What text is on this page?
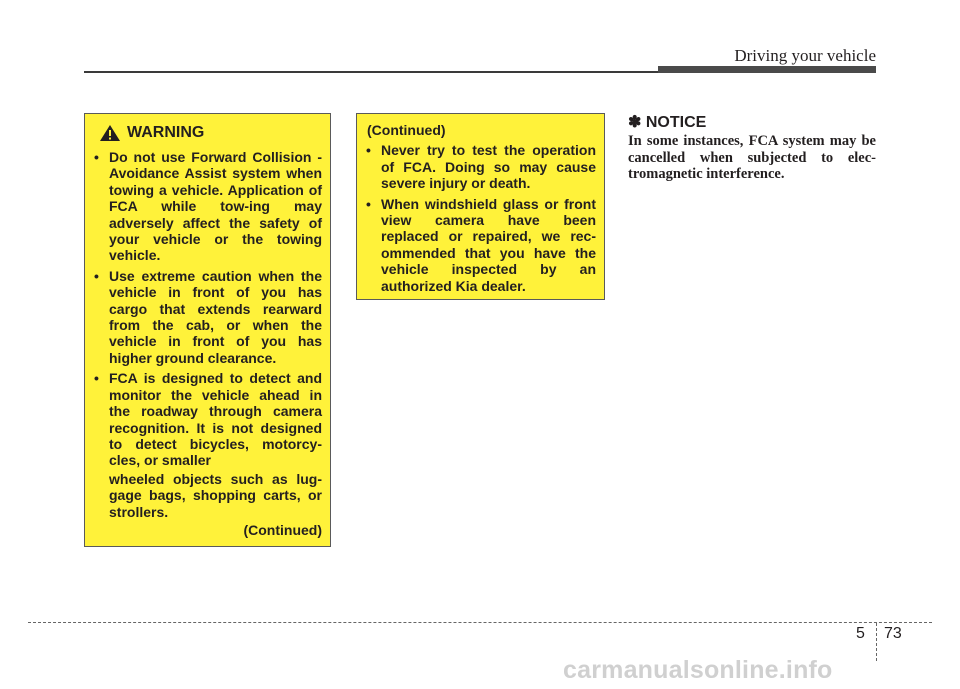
Driving your vehicle
WARNING
• Do not use Forward Collision - Avoidance Assist system when towing a vehicle. Application of FCA while tow-ing may adversely affect the safety of your vehicle or the towing vehicle.
• Use extreme caution when the vehicle in front of you has cargo that extends rearward from the cab, or when the vehicle in front of you has higher ground clearance.
• FCA is designed to detect and monitor the vehicle ahead in the roadway through camera recognition. It is not designed to detect bicycles, motorcy-cles, or smaller
wheeled objects such as lug-gage bags, shopping carts, or strollers.
(Continued)
(Continued)
• Never try to test the operation of FCA. Doing so may cause severe injury or death.
• When windshield glass or front view camera have been replaced or repaired, we rec-ommended that you have the vehicle inspected by an authorized Kia dealer.
✽ NOTICE
In some instances, FCA system may be cancelled when subjected to elec-tromagnetic interference.
5 73
carmanualsonline.info
